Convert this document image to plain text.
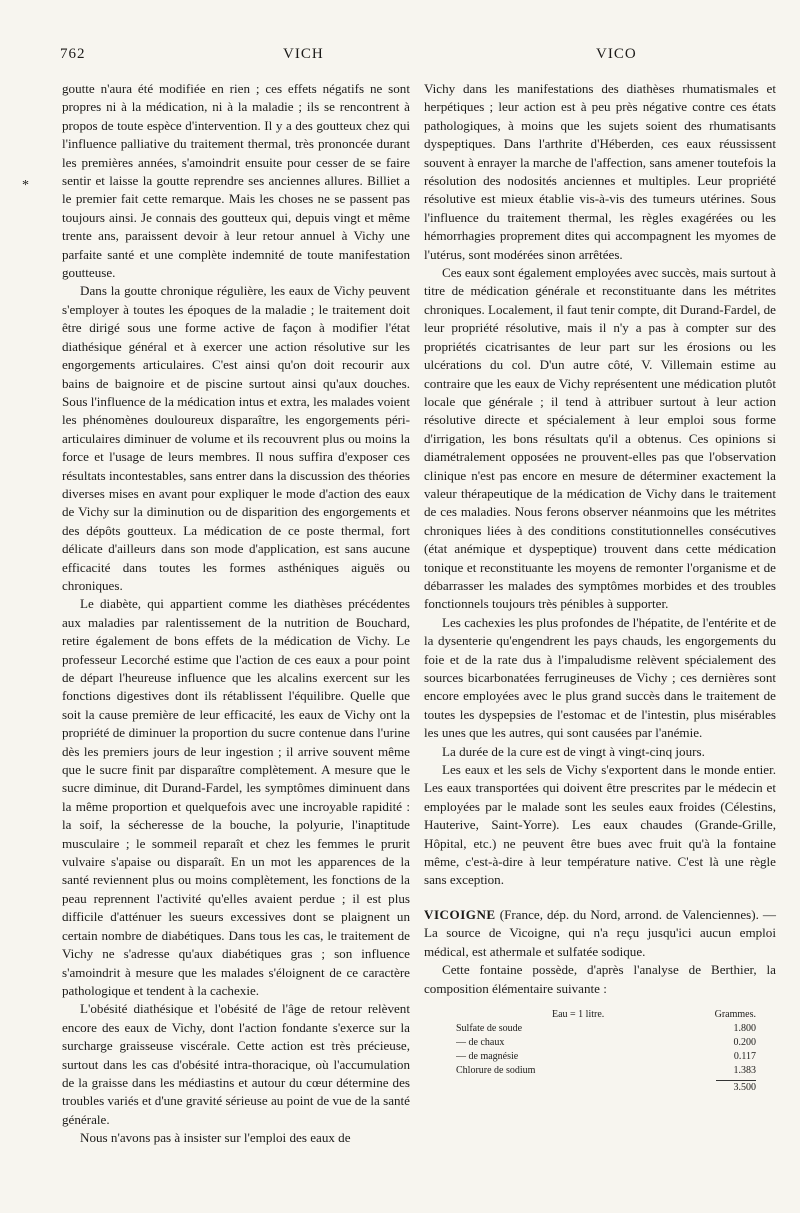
762	VICH	VICO
*

goutte n'aura été modifiée en rien ; ces effets négatifs ne sont propres ni à la médication, ni à la maladie ; ils se rencontrent à propos de toute espèce d'intervention. Il y a des goutteux chez qui l'influence palliative du traitement thermal, très prononcée durant les premières années, s'amoindrit ensuite pour cesser de se faire sentir et laisse la goutte reprendre ses anciennes allures. Billiet a le premier fait cette remarque. Mais les choses ne se passent pas toujours ainsi. Je connais des goutteux qui, depuis vingt et même trente ans, paraissent devoir à leur retour annuel à Vichy une parfaite santé et une complète indemnité de toute manifestation goutteuse.

Dans la goutte chronique régulière, les eaux de Vichy peuvent s'employer à toutes les époques de la maladie ; le traitement doit être dirigé sous une forme active de façon à modifier l'état diathésique général et à exercer une action résolutive sur les engorgements articulaires. C'est ainsi qu'on doit recourir aux bains de baignoire et de piscine surtout ainsi qu'aux douches. Sous l'influence de la médication intus et extra, les malades voient les phénomènes douloureux disparaître, les engorgements péri-articulaires diminuer de volume et ils recouvrent plus ou moins la force et l'usage de leurs membres. Il nous suffira d'exposer ces résultats incontestables, sans entrer dans la discussion des théories diverses mises en avant pour expliquer le mode d'action des eaux de Vichy sur la diminution ou de disparition des engorgements et des dépôts goutteux. La médication de ce poste thermal, fort délicate d'ailleurs dans son mode d'application, est sans aucune efficacité dans toutes les formes asthéniques aiguës ou chroniques.

Le diabète, qui appartient comme les diathèses précédentes aux maladies par ralentissement de la nutrition de Bouchard, retire également de bons effets de la médication de Vichy. Le professeur Lecorché estime que l'action de ces eaux a pour point de départ l'heureuse influence que les alcalins exercent sur les fonctions digestives dont ils rétablissent l'équilibre. Quelle que soit la cause première de leur efficacité, les eaux de Vichy ont la propriété de diminuer la proportion du sucre contenue dans l'urine dès les premiers jours de leur ingestion ; il arrive souvent même que le sucre finit par disparaître complètement. A mesure que le sucre diminue, dit Durand-Fardel, les symptômes diminuent dans la même proportion et quelquefois avec une incroyable rapidité : la soif, la sécheresse de la bouche, la polyurie, l'inaptitude musculaire ; le sommeil reparaît et chez les femmes le prurit vulvaire s'apaise ou disparaît. En un mot les apparences de la santé reviennent plus ou moins complètement, les fonctions de la peau reprennent l'activité qu'elles avaient perdue ; il est plus difficile d'atténuer les sueurs excessives dont se plaignent un certain nombre de diabétiques. Dans tous les cas, le traitement de Vichy ne s'adresse qu'aux diabétiques gras ; son influence s'amoindrit à mesure que les malades s'éloignent de ce caractère pathologique et tendent à la cachexie.

L'obésité diathésique et l'obésité de l'âge de retour relèvent encore des eaux de Vichy, dont l'action fondante s'exerce sur la surcharge graisseuse viscérale. Cette action est très précieuse, surtout dans les cas d'obésité intra-thoracique, où l'accumulation de la graisse dans les médiastins et autour du cœur détermine des troubles variés et d'une gravité sérieuse au point de vue de la santé générale.

Nous n'avons pas à insister sur l'emploi des eaux de

Vichy dans les manifestations des diathèses rhumatismales et herpétiques ; leur action est à peu près négative contre ces états pathologiques, à moins que les sujets soient des rhumatisants dyspeptiques. Dans l'arthrite d'Héberden, ces eaux réussissent souvent à enrayer la marche de l'affection, sans amener toutefois la résolution des nodosités anciennes et multiples. Leur propriété résolutive est mieux établie vis-à-vis des tumeurs utérines. Sous l'influence du traitement thermal, les règles exagérées ou les hémorrhagies proprement dites qui accompagnent les myomes de l'utérus, sont modérées sinon arrêtées.

Ces eaux sont également employées avec succès, mais surtout à titre de médication générale et reconstituante dans les métrites chroniques. Localement, il faut tenir compte, dit Durand-Fardel, de leur propriété résolutive, mais il n'y a pas à compter sur des propriétés cicatrisantes de leur part sur les érosions ou les ulcérations du col. D'un autre côté, V. Villemain estime au contraire que les eaux de Vichy représentent une médication plutôt locale que générale ; il tend à attribuer surtout à leur action résolutive directe et spécialement à leur emploi sous forme d'irrigation, les bons résultats qu'il a obtenus. Ces opinions si diamétralement opposées ne prouvent-elles pas que l'observation clinique n'est pas encore en mesure de déterminer exactement la valeur thérapeutique de la médication de Vichy dans le traitement de ces maladies. Nous ferons observer néanmoins que les métrites chroniques liées à des conditions constitutionnelles consécutives (état anémique et dyspeptique) trouvent dans cette médication tonique et reconstituante les moyens de remonter l'organisme et de débarrasser les malades des symptômes morbides et des troubles fonctionnels toujours très pénibles à supporter.

Les cachexies les plus profondes de l'hépatite, de l'entérite et de la dysenterie qu'engendrent les pays chauds, les engorgements du foie et de la rate dus à l'impaludisme relèvent spécialement des sources bicarbonatées ferrugineuses de Vichy ; ces dernières sont encore employées avec le plus grand succès dans le traitement de toutes les dyspepsies de l'estomac et de l'intestin, plus misérables les unes que les autres, qui sont causées par l'anémie.

La durée de la cure est de vingt à vingt-cinq jours.

Les eaux et les sels de Vichy s'exportent dans le monde entier. Les eaux transportées qui doivent être prescrites par le médecin et employées par le malade sont les seules eaux froides (Célestins, Hauterive, Saint-Yorre). Les eaux chaudes (Grande-Grille, Hôpital, etc.) ne peuvent être bues avec fruit qu'à la fontaine même, c'est-à-dire à leur température native. C'est là une règle sans exception.

VICOIGNE (France, dép. du Nord, arrond. de Valenciennes). — La source de Vicoigne, qui n'a reçu jusqu'ici aucun emploi médical, est athermale et sulfatée sodique.

Cette fontaine possède, d'après l'analyse de Berthier, la composition élémentaire suivante :

Eau = 1 litre.	Grammes.
Sulfate de soude	1.800
— de chaux	0.200
— de magnésie	0.117
Chlorure de sodium	1.383
3.500
